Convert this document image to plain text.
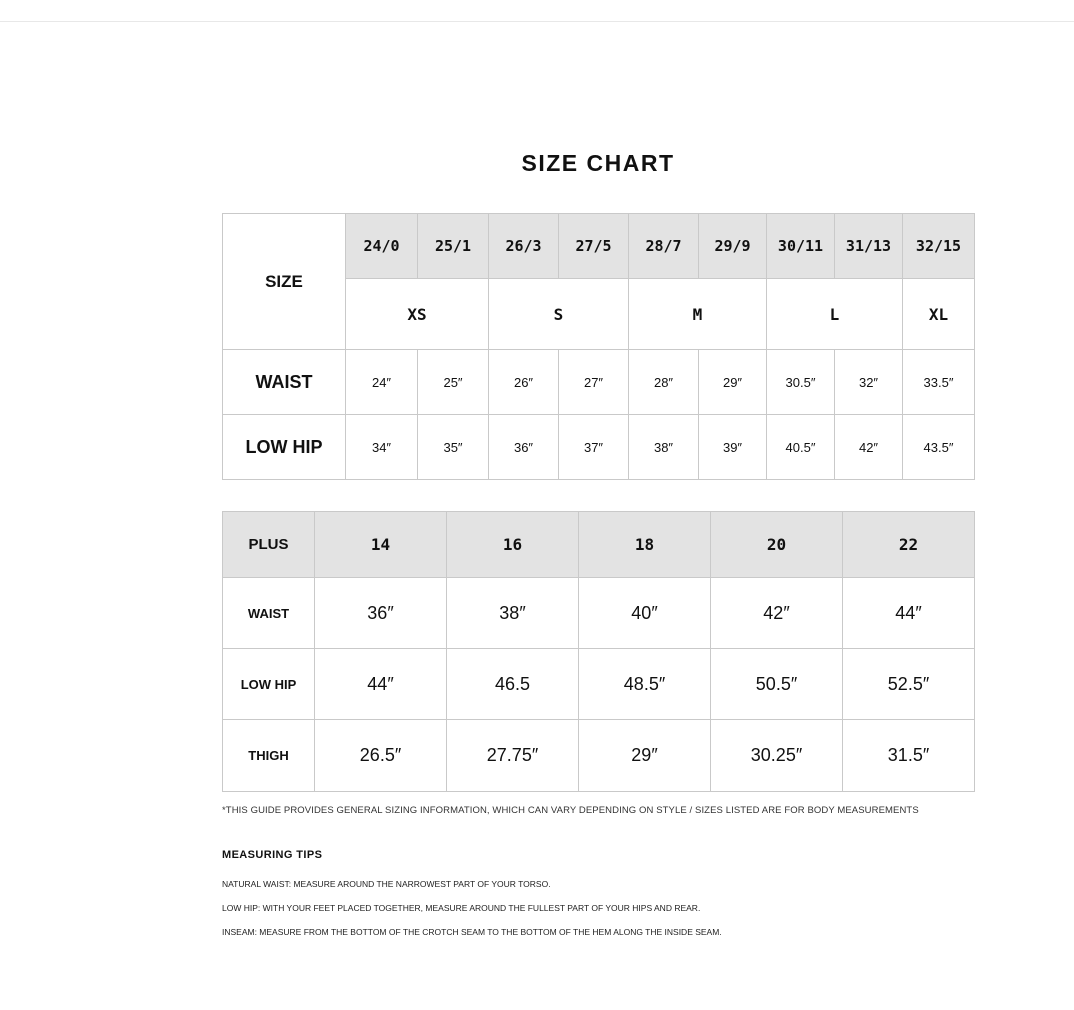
SIZE CHART
SIZE	24/0	25/1	26/3	27/5	28/7	29/9	30/11	31/13	32/15
	XS		S		M		L		XL
WAIST	24″	25″	26″	27″	28″	29″	30.5″	32″	33.5″
LOW HIP	34″	35″	36″	37″	38″	39″	40.5″	42″	43.5″
PLUS	14	16	18	20	22
WAIST	36″	38″	40″	42″	44″
LOW HIP	44″	46.5	48.5″	50.5″	52.5″
THIGH	26.5″	27.75″	29″	30.25″	31.5″
*THIS GUIDE PROVIDES GENERAL SIZING INFORMATION, WHICH CAN VARY DEPENDING ON STYLE / SIZES LISTED ARE FOR BODY MEASUREMENTS
MEASURING TIPS
NATURAL WAIST: MEASURE AROUND THE NARROWEST PART OF YOUR TORSO.
LOW HIP: WITH YOUR FEET PLACED TOGETHER, MEASURE AROUND THE FULLEST PART OF YOUR HIPS AND REAR.
INSEAM: MEASURE FROM THE BOTTOM OF THE CROTCH SEAM TO THE BOTTOM OF THE HEM ALONG THE INSIDE SEAM.
